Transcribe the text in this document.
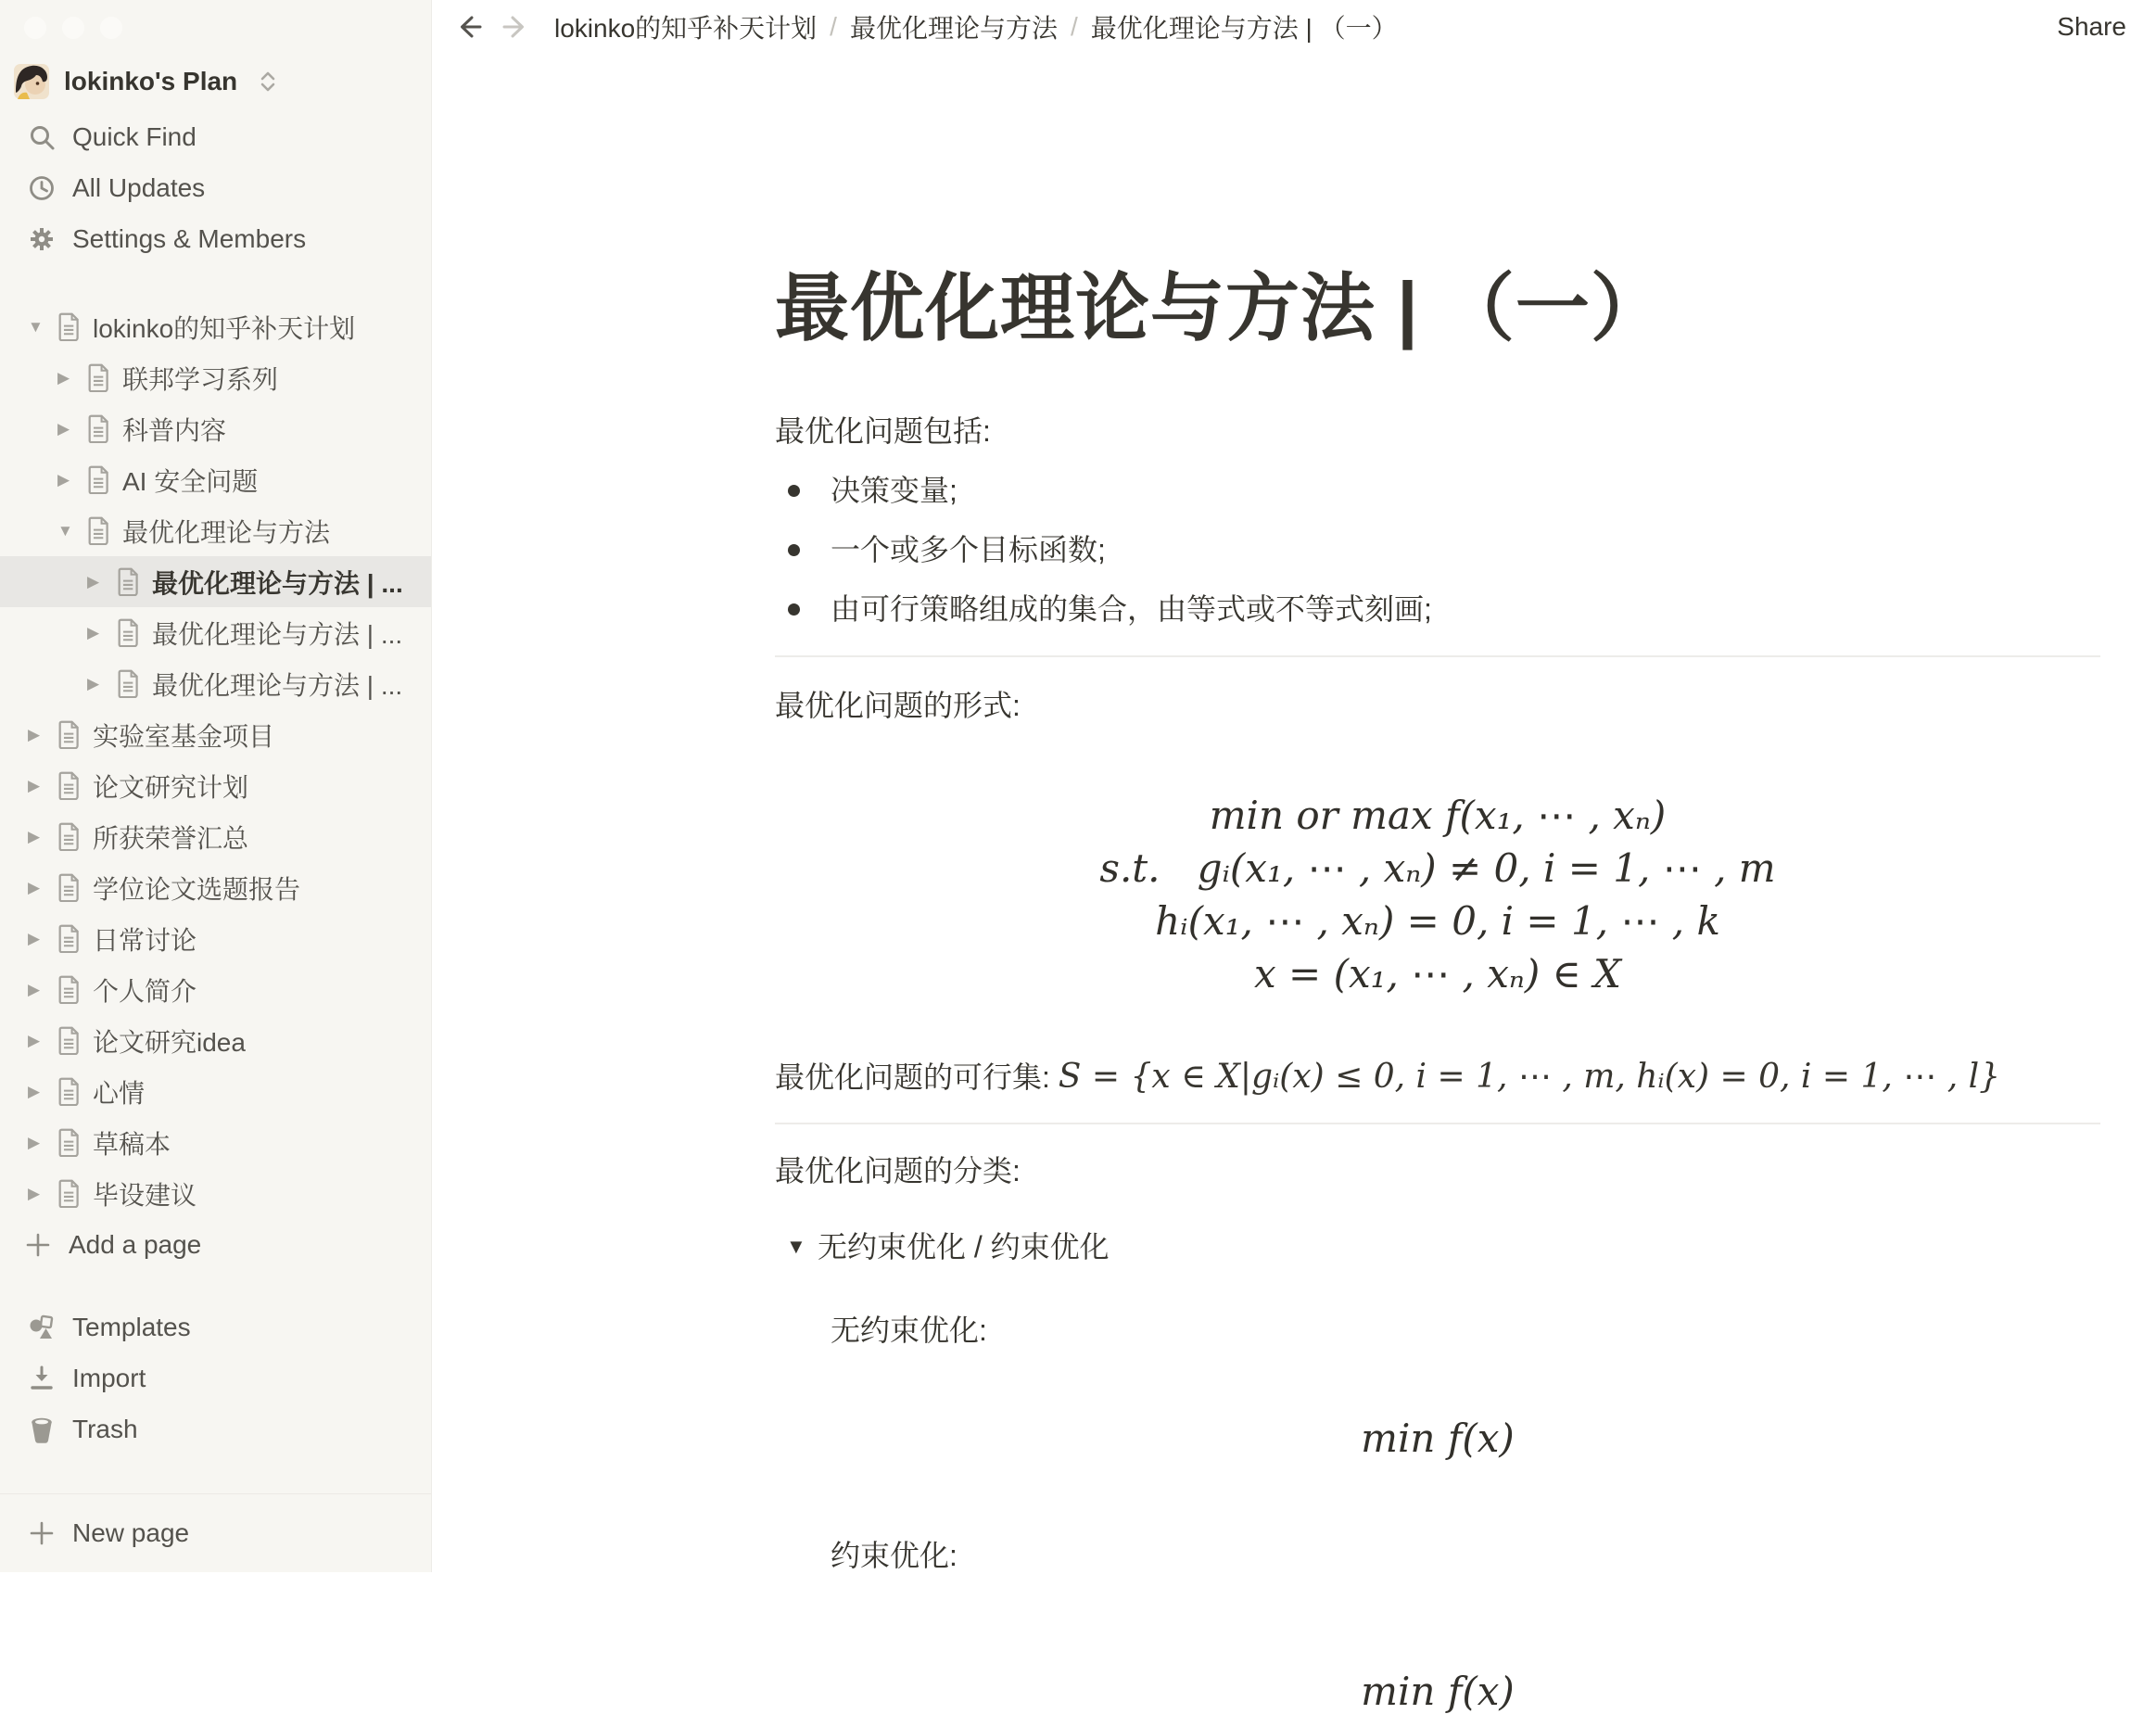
lokinko's Plan
Quick Find
All Updates
Settings & Members
▼
lokinko的知乎补天计划
▶
联邦学习系列
▶
科普内容
▶
AI 安全问题
▼
最优化理论与方法
▶
最优化理论与方法 | ...
▶
最优化理论与方法 | ...
▶
最优化理论与方法 | ...
▶
实验室基金项目
▶
论文研究计划
▶
所获荣誉汇总
▶
学位论文选题报告
▶
日常讨论
▶
个人简介
▶
论文研究idea
▶
心情
▶
草稿本
▶
毕设建议
Add a page
Templates
Import
Trash
New page
lokinko的知乎补天计划 / 最优化理论与方法 / 最优化理论与方法 | （一）	Share
最优化理论与方法 | （一）

最优化问题包括:

决策变量;
一个或多个目标函数;
由可行策略组成的集合，由等式或不等式刻画;

最优化问题的形式:

min or max f(x₁, ⋯ , xₙ)
s.t.   gᵢ(x₁, ⋯ , xₙ) ≠ 0, i = 1, ⋯ , m
hᵢ(x₁, ⋯ , xₙ) = 0, i = 1, ⋯ , k
x = (x₁, ⋯ , xₙ) ∈ X

最优化问题的可行集: S = {x ∈ X|gᵢ(x) ≤ 0, i = 1, ⋯ , m, hᵢ(x) = 0, i = 1, ⋯ , l}

最优化问题的分类:

▼
无约束优化 / 约束优化

无约束优化:

min f(x)

约束优化:

min f(x)
